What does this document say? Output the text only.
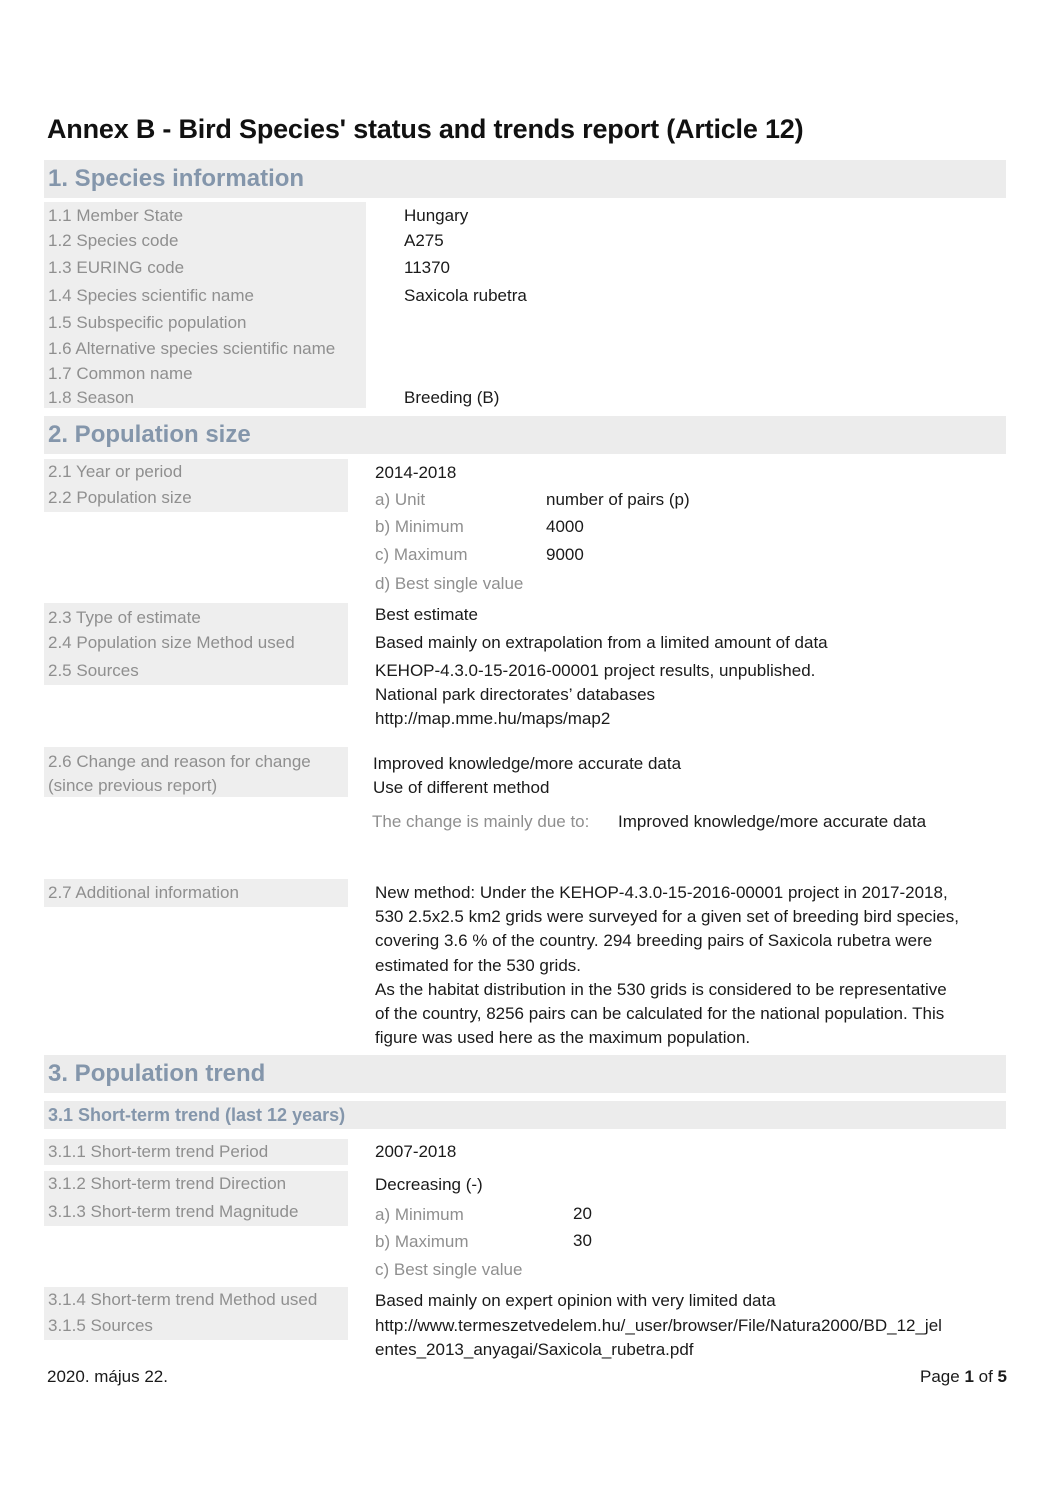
Annex B - Bird Species' status and trends report (Article 12)
1. Species information
1.1 Member State	Hungary
1.2 Species code	A275
1.3 EURING code	11370
1.4 Species scientific name	Saxicola rubetra
1.5 Subspecific population
1.6 Alternative species scientific name
1.7 Common name
1.8 Season	Breeding (B)
2. Population size
2.1 Year or period	2014-2018
2.2 Population size	a) Unit	number of pairs (p)
b) Minimum	4000
c) Maximum	9000
d) Best single value
2.3 Type of estimate	Best estimate
2.4 Population size Method used	Based mainly on extrapolation from a limited amount of data
2.5 Sources	KEHOP-4.3.0-15-2016-00001 project results, unpublished.
National park directorates’ databases
http://map.mme.hu/maps/map2
2.6 Change and reason for change
(since previous report)
Improved knowledge/more accurate data
Use of different method
The change is mainly due to: Improved knowledge/more accurate data
2.7 Additional information	New method: Under the KEHOP-4.3.0-15-2016-00001 project in 2017-2018,
530 2.5x2.5 km2 grids were surveyed for a given set of breeding bird species,
covering 3.6 % of the country. 294 breeding pairs of Saxicola rubetra were
estimated for the 530 grids.
As the habitat distribution in the 530 grids is considered to be representative
of the country, 8256 pairs can be calculated for the national population. This
figure was used here as the maximum population.
3. Population trend
3.1 Short-term trend (last 12 years)
3.1.1 Short-term trend Period	2007-2018
3.1.2 Short-term trend Direction	Decreasing (-)
3.1.3 Short-term trend Magnitude	a) Minimum	20
b) Maximum	30
c) Best single value
3.1.4 Short-term trend Method used	Based mainly on expert opinion with very limited data
3.1.5 Sources	http://www.termeszetvedelem.hu/_user/browser/File/Natura2000/BD_12_jel
entes_2013_anyagai/Saxicola_rubetra.pdf
2020. május 22.	Page 1 of 5
